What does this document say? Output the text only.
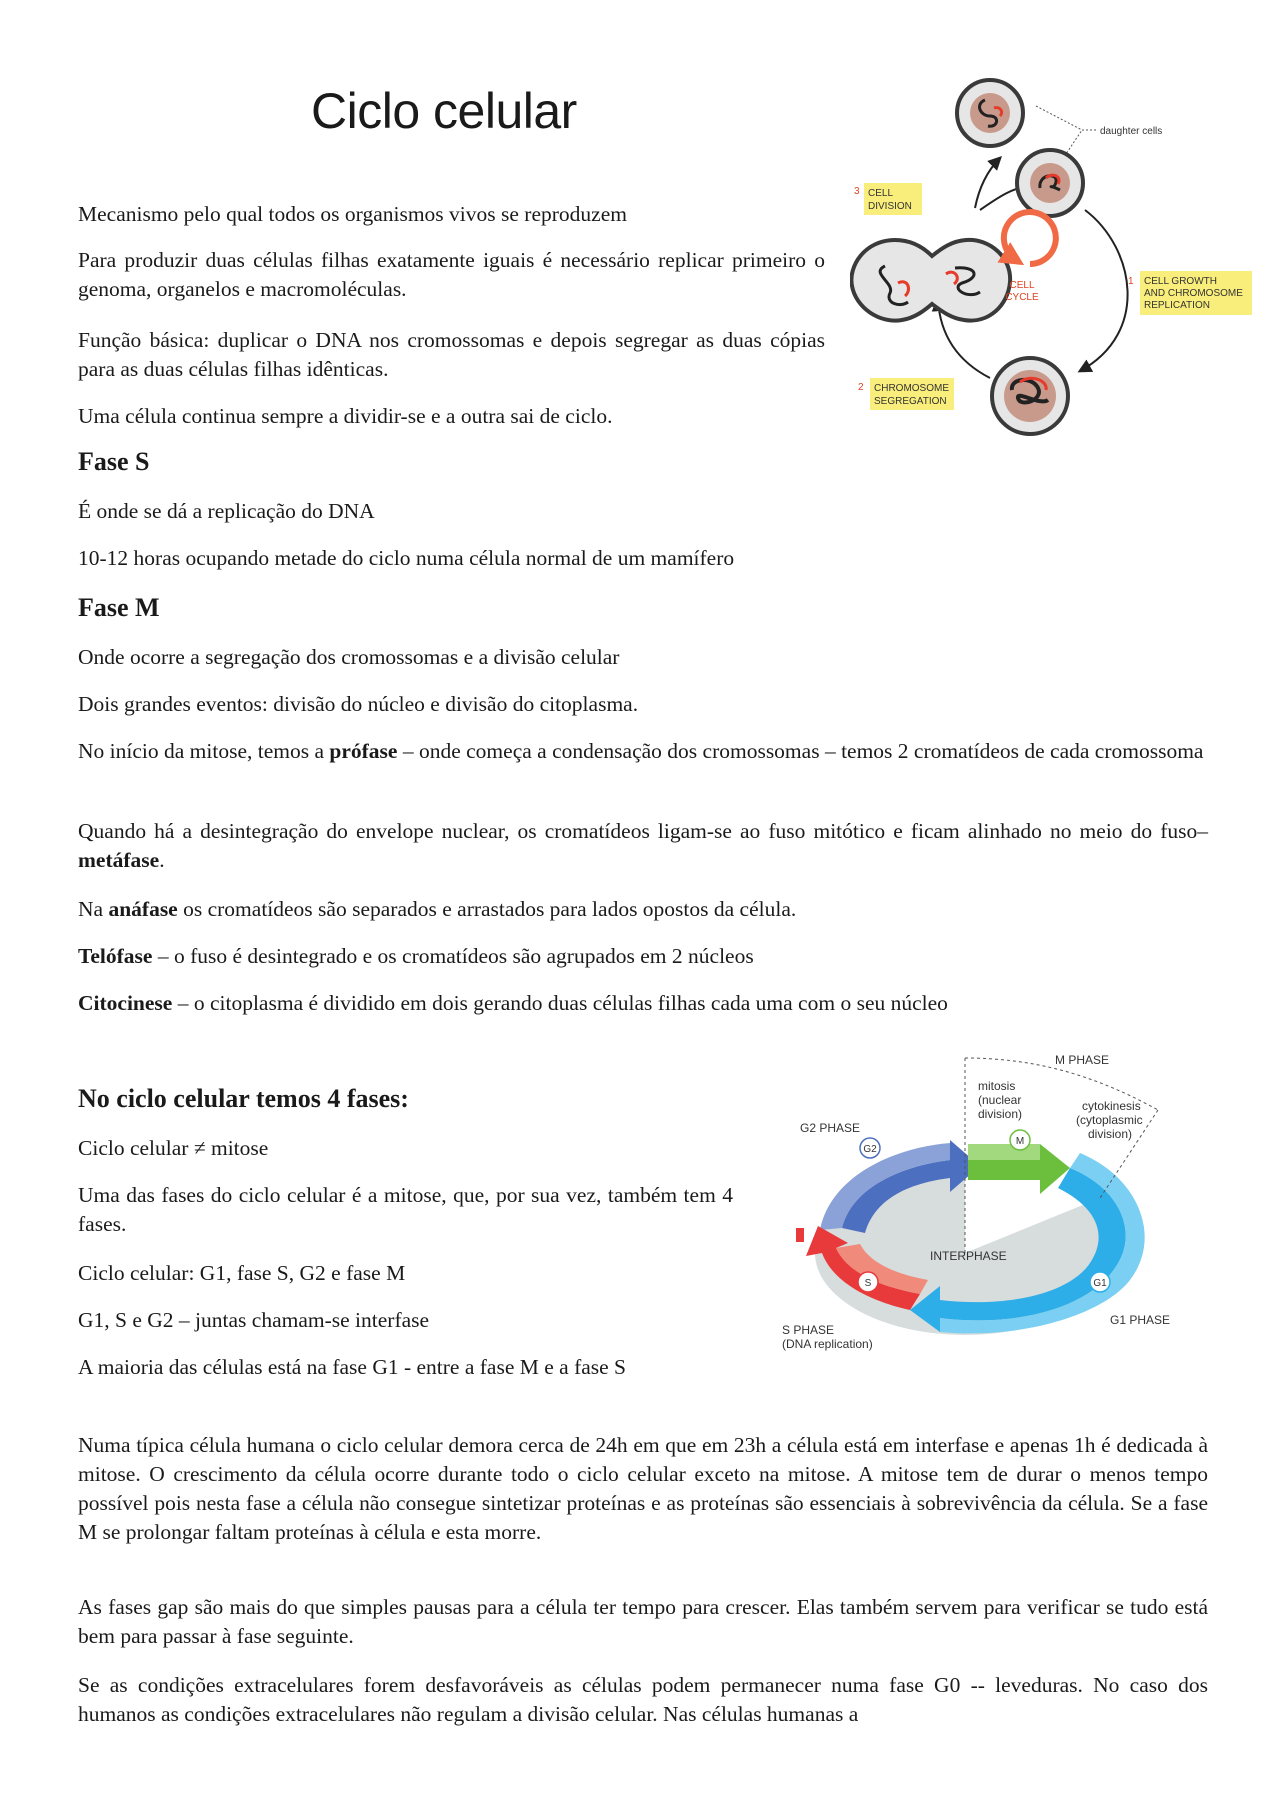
Ciclo celular

Mecanismo pelo qual todos os organismos vivos se reproduzem

Para produzir duas células filhas exatamente iguais é necessário replicar primeiro o genoma, organelos e macromoléculas.

Função básica: duplicar o DNA nos cromossomas e depois segregar as duas cópias para as duas células filhas idênticas.

Uma célula continua sempre a dividir-se e a outra sai de ciclo.

daughter cells
CELL
CYCLE
3 CELL
DIVISION
1 CELL GROWTH
AND CHROMOSOME
REPLICATION
2 CHROMOSOME
SEGREGATION
Fase S

É onde se dá a replicação do DNA

10-12 horas ocupando metade do ciclo numa célula normal de um mamífero

Fase M

Onde ocorre a segregação dos cromossomas e a divisão celular

Dois grandes eventos: divisão do núcleo e divisão do citoplasma.

No início da mitose, temos a prófase – onde começa a condensação dos cromossomas – temos 2 cromatídeos de cada cromossoma

Quando há a desintegração do envelope nuclear, os cromatídeos ligam-se ao fuso mitótico e ficam alinhado no meio do fuso– metáfase.

Na anáfase os cromatídeos são separados e arrastados para lados opostos da célula.

Telófase – o fuso é desintegrado e os cromatídeos são agrupados em 2 núcleos

Citocinese – o citoplasma é dividido em dois gerando duas células filhas cada uma com o seu núcleo

No ciclo celular temos 4 fases:

Ciclo celular ≠ mitose

Uma das fases do ciclo celular é a mitose, que, por sua vez, também tem 4 fases.

Ciclo celular: G1, fase S, G2 e fase M

G1, S e G2 – juntas chamam-se interfase

A maioria das células está na fase G1 - entre a fase M e a fase S

G2
M
S	G1
M PHASE
mitosis
(nuclear
division)
cytokinesis
(cytoplasmic
division)
G2 PHASE
INTERPHASE
G1 PHASE
S PHASE
(DNA replication)

Numa típica célula humana o ciclo celular demora cerca de 24h em que em 23h a célula está em interfase e apenas 1h é dedicada à mitose. O crescimento da célula ocorre durante todo o ciclo celular exceto na mitose. A mitose tem de durar o menos tempo possível pois nesta fase a célula não consegue sintetizar proteínas e as proteínas são essenciais à sobrevivência da célula. Se a fase M se prolongar faltam proteínas à célula e esta morre.

As fases gap são mais do que simples pausas para a célula ter tempo para crescer. Elas também servem para verificar se tudo está bem para passar à fase seguinte.

Se as condições extracelulares forem desfavoráveis as células podem permanecer numa fase G0 -- leveduras. No caso dos humanos as condições extracelulares não regulam a divisão celular. Nas células humanas a
